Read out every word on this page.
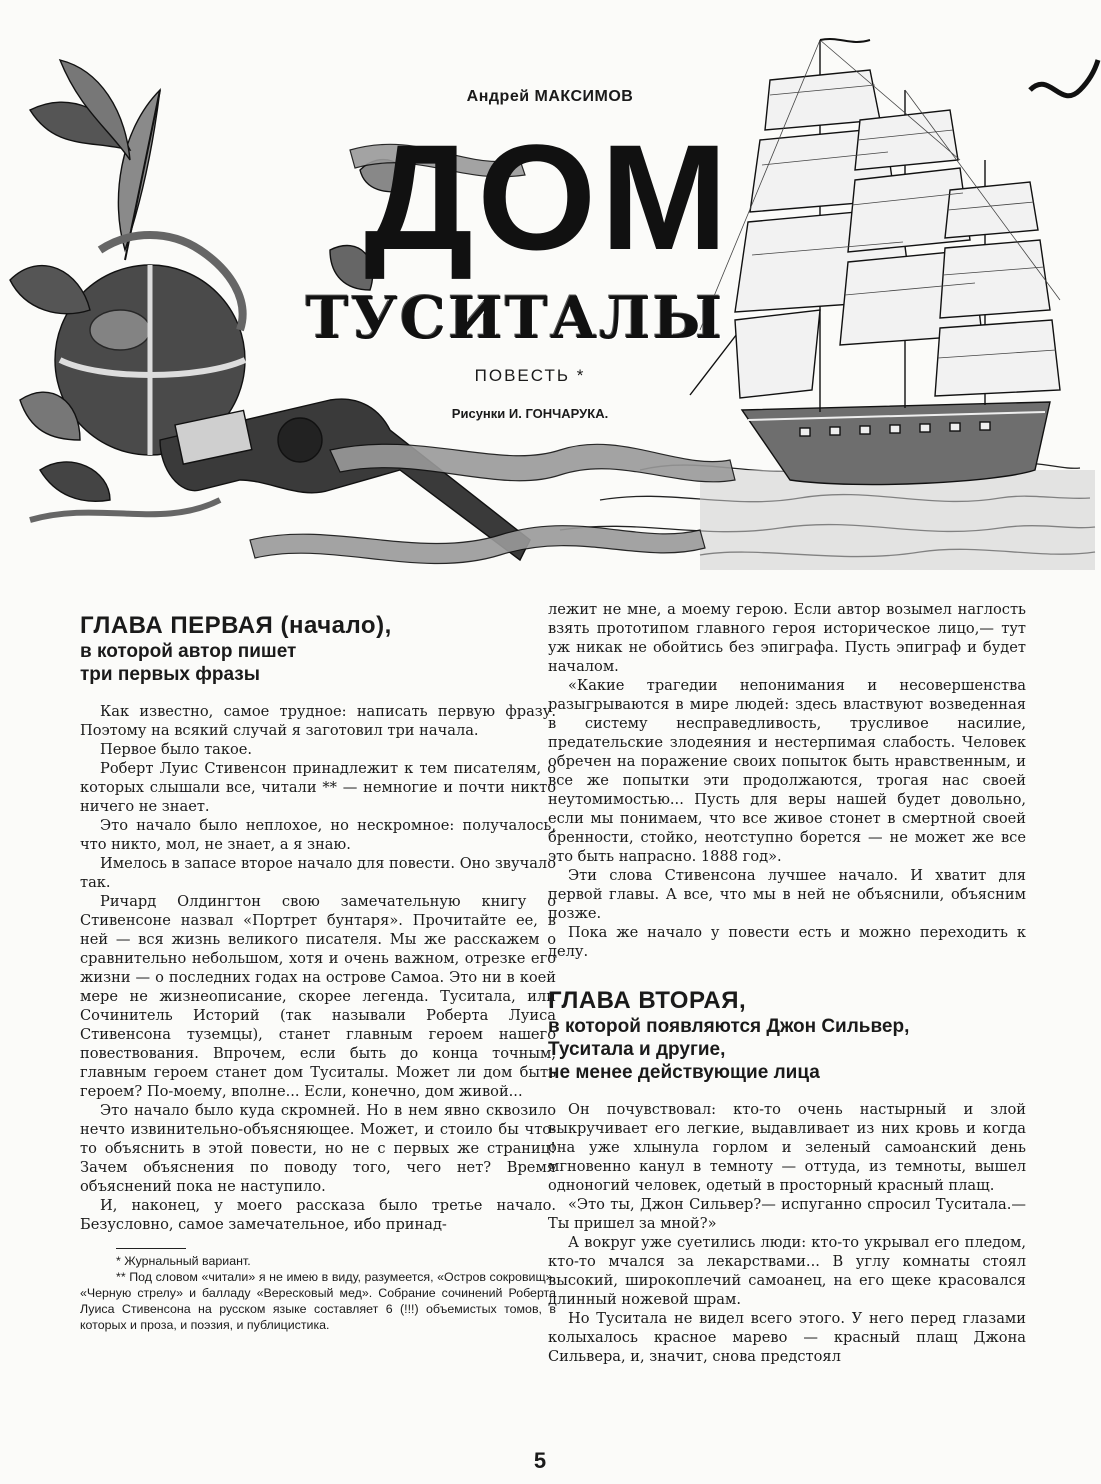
Андрей МАКСИМОВ
ДОМ
ТУСИТАЛЫ
ПОВЕСТЬ *
Рисунки И. ГОНЧАРУКА.
ГЛАВА ПЕРВАЯ (начало),
в которой автор пишет
три первых фразы

Как известно, самое трудное: написать первую фразу. Поэтому на всякий случай я заготовил три начала.

Первое было такое.

Роберт Луис Стивенсон принадлежит к тем писателям, о которых слышали все, читали ** — немногие и почти никто ничего не знает.

Это начало было неплохое, но нескромное: получалось, что никто, мол, не знает, а я знаю.

Имелось в запасе второе начало для повести. Оно звучало так.

Ричард Олдингтон свою замечательную книгу о Стивенсоне назвал «Портрет бунтаря». Прочитайте ее, в ней — вся жизнь великого писателя. Мы же расскажем о сравнительно небольшом, хотя и очень важном, отрезке его жизни — о последних годах на острове Самоа. Это ни в коей мере не жизнеописание, скорее легенда. Туситала, или Сочинитель Историй (так называли Роберта Луиса Стивенсона туземцы), станет главным героем нашего повествования. Впрочем, если быть до конца точным, главным героем станет дом Туситалы. Может ли дом быть героем? По-моему, вполне... Если, конечно, дом живой...

Это начало было куда скромней. Но в нем явно сквозило нечто извинительно-объясняющее. Может, и стоило бы что-то объяснить в этой повести, но не с первых же страниц! Зачем объяснения по поводу того, чего нет? Время объяснений пока не наступило.

И, наконец, у моего рассказа было третье начало. Безусловно, самое замечательное, ибо принад-

* Журнальный вариант.

** Под словом «читали» я не имею в виду, разумеется, «Остров сокровищ», «Черную стрелу» и балладу «Вересковый мед». Собрание сочинений Роберта Луиса Стивенсона на русском языке составляет 6 (!!!) объемистых томов, в которых и проза, и поэзия, и публицистика.

лежит не мне, а моему герою. Если автор возымел наглость взять прототипом главного героя историческое лицо,— тут уж никак не обойтись без эпиграфа. Пусть эпиграф и будет началом.

«Какие трагедии непонимания и несовершенства разыгрываются в мире людей: здесь властвуют возведенная в систему несправедливость, трусливое насилие, предательские злодеяния и нестерпимая слабость. Человек обречен на поражение своих попыток быть нравственным, и все же попытки эти продолжаются, трогая нас своей неутомимостью... Пусть для веры нашей будет довольно, если мы понимаем, что все живое стонет в смертной своей бренности, стойко, неотступно борется — не может же все это быть напрасно. 1888 год».

Эти слова Стивенсона лучшее начало. И хватит для первой главы. А все, что мы в ней не объяснили, объясним позже.

Пока же начало у повести есть и можно переходить к делу.

ГЛАВА ВТОРАЯ,
в которой появляются Джон Сильвер,
Туситала и другие,
не менее действующие лица

Он почувствовал: кто-то очень настырный и злой выкручивает его легкие, выдавливает из них кровь и когда она уже хлынула горлом и зеленый самоанский день мгновенно канул в темноту — оттуда, из темноты, вышел одноногий человек, одетый в просторный красный плащ.

«Это ты, Джон Сильвер?— испуганно спросил Туситала.— Ты пришел за мной?»

А вокруг уже суетились люди: кто-то укрывал его пледом, кто-то мчался за лекарствами... В углу комнаты стоял высокий, широкоплечий самоанец, на его щеке красовался длинный ножевой шрам.

Но Туситала не видел всего этого. У него перед глазами колыхалось красное марево — красный плащ Джона Сильвера, и, значит, снова предстоял

5
